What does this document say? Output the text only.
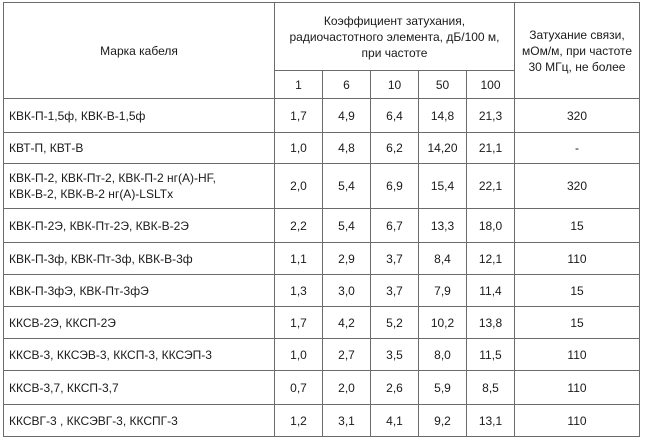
Марка кабеля	Коэффициент затухания, радиочастотного элемента, дБ/100 м, при частоте					Затухание связи, мОм/м, при частоте 30 МГц, не более
	1	6	10	50	100	

КВК-П-1,5ф, КВК-В-1,5ф	1,7	4,9	6,4	14,8	21,3	320

КВТ-П, КВТ-В	1,0	4,8	6,2	14,20	21,1	-

КВК-П-2, КВК-Пт-2, КВК-П-2 нг(А)-HF,
КВК-В-2, КВК-В-2 нг(А)-LSLTx	2,0	5,4	6,9	15,4	22,1	320

КВК-П-2Э, КВК-Пт-2Э, КВК-В-2Э	2,2	5,4	6,7	13,3	18,0	15

КВК-П-3ф, КВК-Пт-3ф, КВК-В-3ф	1,1	2,9	3,7	8,4	12,1	110

КВК-П-3фЭ, КВК-Пт-3фЭ	1,3	3,0	3,7	7,9	11,4	15

ККСВ-2Э, ККСП-2Э	1,7	4,2	5,2	10,2	13,8	15

ККСВ-3, ККСЭВ-3, ККСП-3, ККСЭП-3	1,0	2,7	3,5	8,0	11,5	110

ККСВ-3,7, ККСП-3,7	0,7	2,0	2,6	5,9	8,5	110

ККСВГ-3 , ККСЭВГ-3, ККСПГ-3	1,2	3,1	4,1	9,2	13,1	110
